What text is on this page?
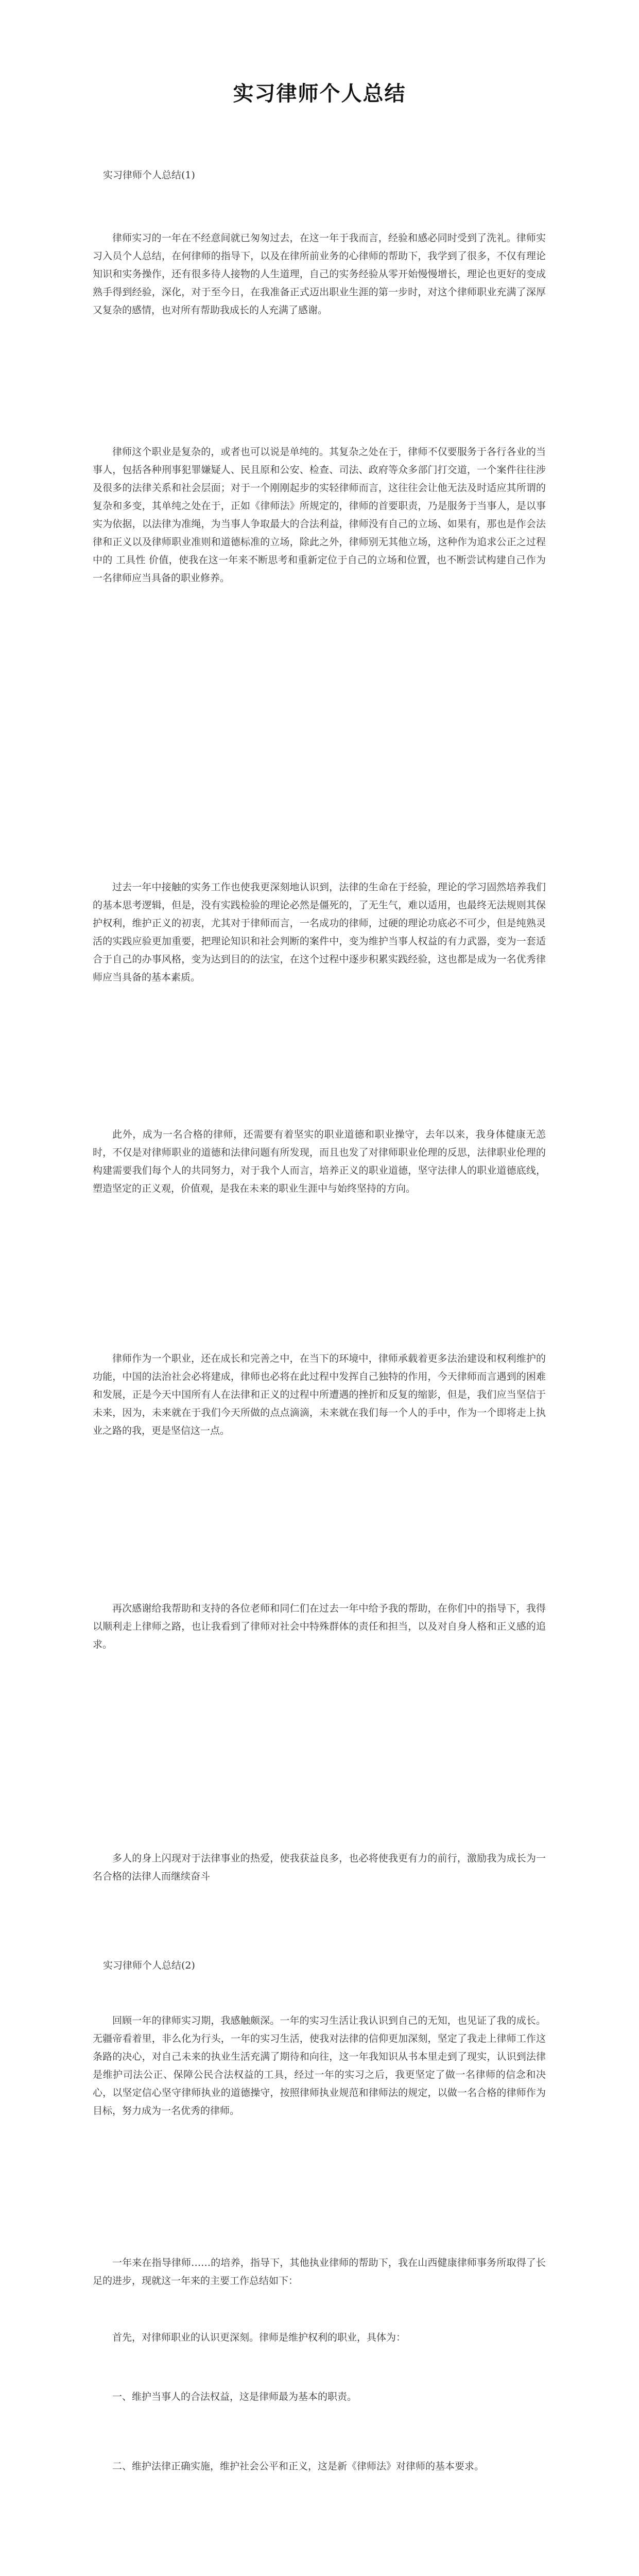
实习律师个人总结
实习律师个人总结(1)

律师实习的一年在不经意间就已匆匆过去，在这一年于我而言，经验和感必同时受到了洗礼。律师实习入员个人总结，在何律师的指导下，以及在律所前业务的心律师的帮助下，我学到了很多，不仅有理论知识和实务操作，还有很多待人接物的人生道理，自己的实务经验从零开始慢慢增长，理论也更好的变成熟手得到经验，深化，对于至今日，在我准备正式迈出职业生涯的第一步时，对这个律师职业充满了深厚又复杂的感情，也对所有帮助我成长的人充满了感谢。

律师这个职业是复杂的，或者也可以说是单纯的。其复杂之处在于，律师不仅要服务于各行各业的当事人，包括各种刑事犯罪嫌疑人、民且原和公安、检查、司法、政府等众多部门打交道，一个案件往往涉及很多的法律关系和社会层面；对于一个刚刚起步的实轻律师而言，这往往会让他无法及时适应其所谓的复杂和多变，其单纯之处在于，正如《律师法》所规定的，律师的首要职责，乃是服务于当事人，是以事实为依据，以法律为准绳，为当事人争取最大的合法利益，律师没有自己的立场、如果有，那也是作会法律和正义以及律师职业准则和道德标准的立场，除此之外，律师别无其他立场，这种作为追求公正之过程中的 工具性 价值，使我在这一年来不断思考和重新定位于自己的立场和位置，也不断尝试构建自己作为一名律师应当具备的职业修养。

过去一年中接触的实务工作也使我更深刻地认识到，法律的生命在于经验，理论的学习固然培养我们的基本思考逻辑，但是，没有实践检验的理论必然是僵死的，了无生气，难以适用，也最终无法规则其保护权利，维护正义的初衷，尤其对于律师而言，一名成功的律师，过硬的理论功底必不可少，但是纯熟灵活的实践应验更加重要，把理论知识和社会判断的案件中，变为维护当事人权益的有力武器，变为一套适合于自己的办事风格，变为达到目的的法宝，在这个过程中逐步积累实践经验，这也都是成为一名优秀律师应当具备的基本素质。

此外，成为一名合格的律师，还需要有着坚实的职业道德和职业操守，去年以来，我身体健康无恙时，不仅是对律师职业的道德和法律问题有所发现，而且也发了对律师职业伦理的反思，法律职业伦理的构建需要我们每个人的共同努力，对于我个人而言，培养正义的职业道德，坚守法律人的职业道德底线，塑造坚定的正义观，价值观，是我在未来的职业生涯中与始终坚持的方向。

律师作为一个职业，还在成长和完善之中，在当下的环境中，律师承载着更多法治建设和权利维护的功能，中国的法治社会必将建成，律师也必将在此过程中发挥自己独特的作用，今天律师而言遇到的困难和发展，正是今天中国所有人在法律和正义的过程中所遭遇的挫折和反复的缩影，但是，我们应当坚信于未来，因为，未来就在于我们今天所做的点点滴滴，未来就在我们每一个人的手中，作为一个即将走上执业之路的我，更是坚信这一点。

再次感谢给我帮助和支持的各位老师和同仁们在过去一年中给予我的帮助，在你们中的指导下，我得以顺利走上律师之路，也让我看到了律师对社会中特殊群体的责任和担当，以及对自身人格和正义感的追求。

多人的身上闪现对于法律事业的热爱，使我获益良多，也必将使我更有力的前行，激励我为成长为一名合格的法律人而继续奋斗

实习律师个人总结(2)

回顾一年的律师实习期，我感触颇深。一年的实习生活让我认识到自己的无知，也见证了我的成长。无疆帝看着里，非么化为行头，一年的实习生活，使我对法律的信仰更加深刻，坚定了我走上律师工作这条路的决心，对自己未来的执业生活充满了期待和向往，这一年我知识从书本里走到了现实，认识到法律是维护司法公正、保障公民合法权益的工具，经过一年的实习之后，我更坚定了做一名律师的信念和决心，以坚定信心坚守律师执业的道德操守，按照律师执业规范和律师法的规定，以做一名合格的律师作为目标，努力成为一名优秀的律师。

一年来在指导律师……的培养，指导下，其他执业律师的帮助下，我在山西健康律师事务所取得了长足的进步，现就这一年来的主要工作总结如下：

首先，对律师职业的认识更深刻。律师是维护权利的职业，具体为：

一、维护当事人的合法权益，这是律师最为基本的职责。

二、维护法律正确实施，维护社会公平和正义，这是新《律师法》对律师的基本要求。
